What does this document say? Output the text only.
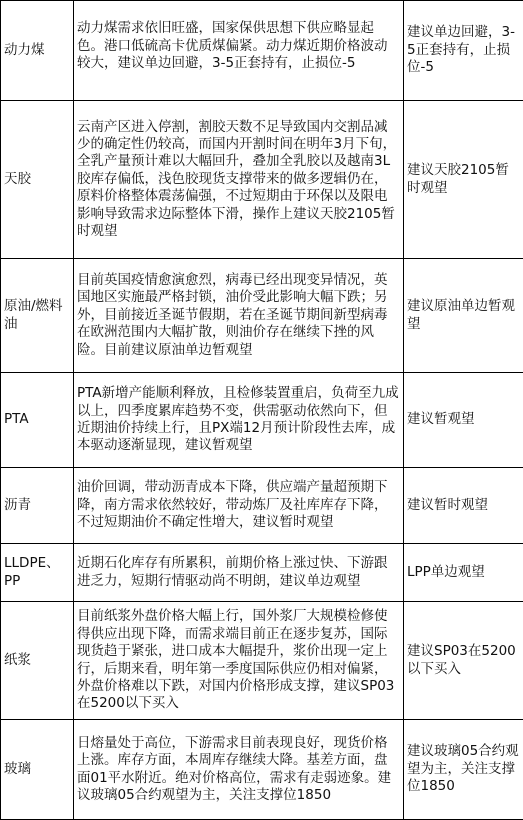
动力煤	动力煤需求依旧旺盛，国家保供思想下供应略显起色。港口低硫高卡优质煤偏紧。动力煤近期价格波动较大，建议单边回避，3-5正套持有，止损位-5	建议单边回避，3-5正套持有，止损位-5
天胶	云南产区进入停割，割胶天数不足导致国内交割品减少的确定性仍较高，而国内开割时间在明年3月下旬，全乳产量预计难以大幅回升，叠加全乳胶以及越南3L胶库存偏低，浅色胶现货支撑带来的做多逻辑仍在，原料价格整体震荡偏强，不过短期由于环保以及限电影响导致需求边际整体下滑，操作上建议天胶2105暂时观望	建议天胶2105暂时观望
原油/燃料油	目前英国疫情愈演愈烈，病毒已经出现变异情况，英国地区实施最严格封锁，油价受此影响大幅下跌；另外，目前接近圣诞节假期，若在圣诞节期间新型病毒在欧洲范围内大幅扩散，则油价存在继续下挫的风险。目前建议原油单边暂观望	建议原油单边暂观望
PTA	PTA新增产能顺利释放，且检修装置重启，负荷至九成以上，四季度累库趋势不变，供需驱动依然向下，但近期油价持续上行，且PX端12月预计阶段性去库，成本驱动逐渐显现，建议暂观望	建议暂观望
沥青	油价回调，带动沥青成本下降，供应端产量超预期下降，南方需求依然较好，带动炼厂及社库库存下降，不过短期油价不确定性增大，建议暂时观望	建议暂时观望
LLDPE、PP	近期石化库存有所累积，前期价格上涨过快、下游跟进乏力，短期行情驱动尚不明朗，建议单边观望	LPP单边观望
纸浆	目前纸浆外盘价格大幅上行，国外浆厂大规模检修使得供应出现下降，而需求端目前正在逐步复苏，国际现货趋于紧张，进口成本大幅提升，浆价出现一定上行，后期来看，明年第一季度国际供应仍相对偏紧，外盘价格难以下跌，对国内价格形成支撑，建议SP03在5200以下买入	建议SP03在5200以下买入
玻璃	日熔量处于高位，下游需求目前表现良好，现货价格上涨。库存方面，本周库存继续大降。基差方面，盘面01平水附近。绝对价格高位，需求有走弱迹象。建议玻璃05合约观望为主，关注支撑位1850	建议玻璃05合约观望为主，关注支撑位1850
